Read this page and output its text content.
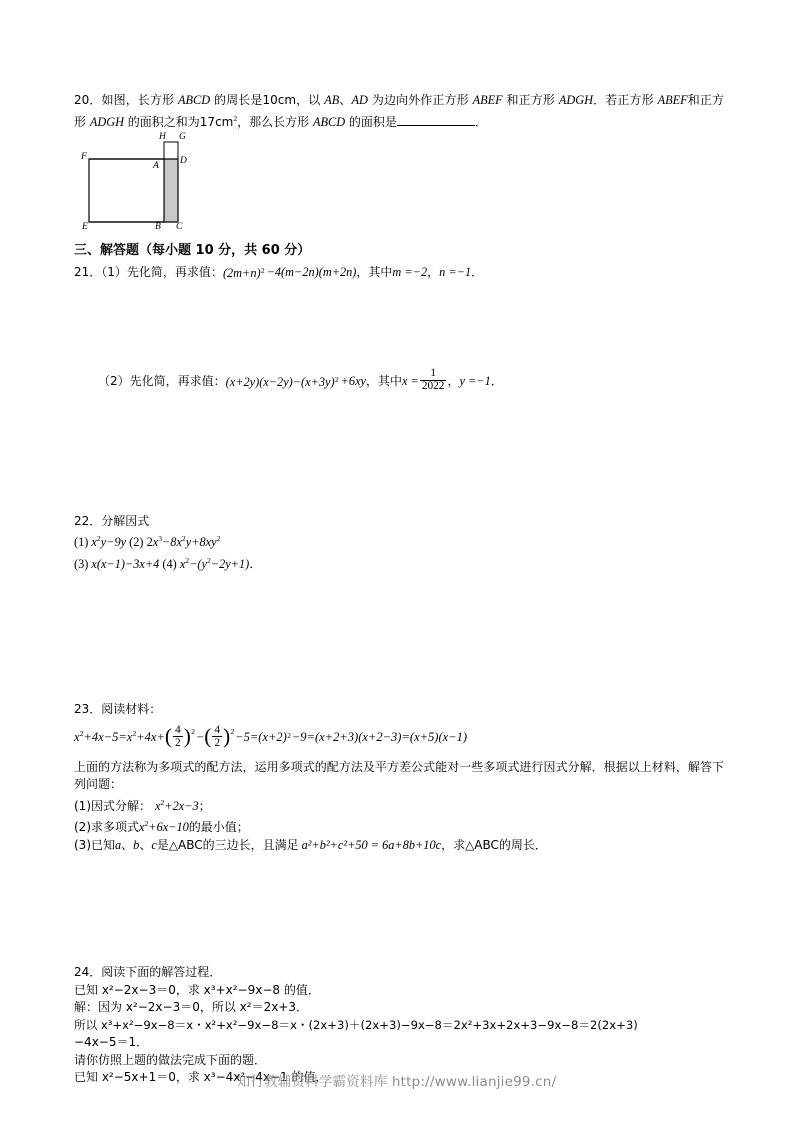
20．如图，长方形 ABCD 的周长是10cm，以 AB、AD 为边向外作正方形 ABEF 和正方形 ADGH．若正方形 ABEF和正方形 ADGH 的面积之和为$17cm^2$，那么长方形 ABCD 的面积是	．
H G
F
A D
E	B C
三、解答题（每小题 10 分，共 60 分）
21．（1）先化简，再求值：(2m+n) 2 −4(m−2n)(m+2n)，其中m =−2，n =−1．
（2）先化简，再求值：(x+2y)(x−2y)−(x+3y) 2 +6xy，其中$x = \frac{1}{2022}$ ，y =−1．
22．分解因式
(1) $x^2y-9y$ (2) $2x^3-8x^2y+8xy^2$
(3) x(x−1)−3x+4 (4) $x^2-(y^2-2y+1)$．
23．阅读材料：
$x^2+4x-5=x^2+4x+( \frac{4}{2}$ ) 2 −( $\frac{4}{2}$ ) 2 −5=(x+2) 2 −9=(x+2+3)(x+2−3)=(x+5)(x−1)
上面的方法称为多项式的配方法，运用多项式的配方法及平方差公式能对一些多项式进行因式分解．根据以上材料，解答下列问题：
(1)因式分解： $x^2+2x-3$；
(2)求多项式$x^2+6x-10$的最小值；
(3)已知a、b、c是△ABC的三边长，且满足 a²+b²+c²+50 = 6a+8b+10c，求△ABC的周长．
24．阅读下面的解答过程．
已知 x²−2x−3＝0，求 x³+x²−9x−8 的值．
解：因为 x²−2x−3＝0，所以 x²＝2x+3．
所以 x³+x²−9x−8＝x・x²+x²−9x−8＝x・(2x+3)＋(2x+3)−9x−8＝2x²+3x+2x+3−9x−8＝2(2x+3)
−4x−5＝1．
请你仿照上题的做法完成下面的题．
已知 x²−5x+1＝0，求 x³−4x²−4x−1 的值．
知行教辅资料学霸资料库 http://www.lianjie99.cn/
